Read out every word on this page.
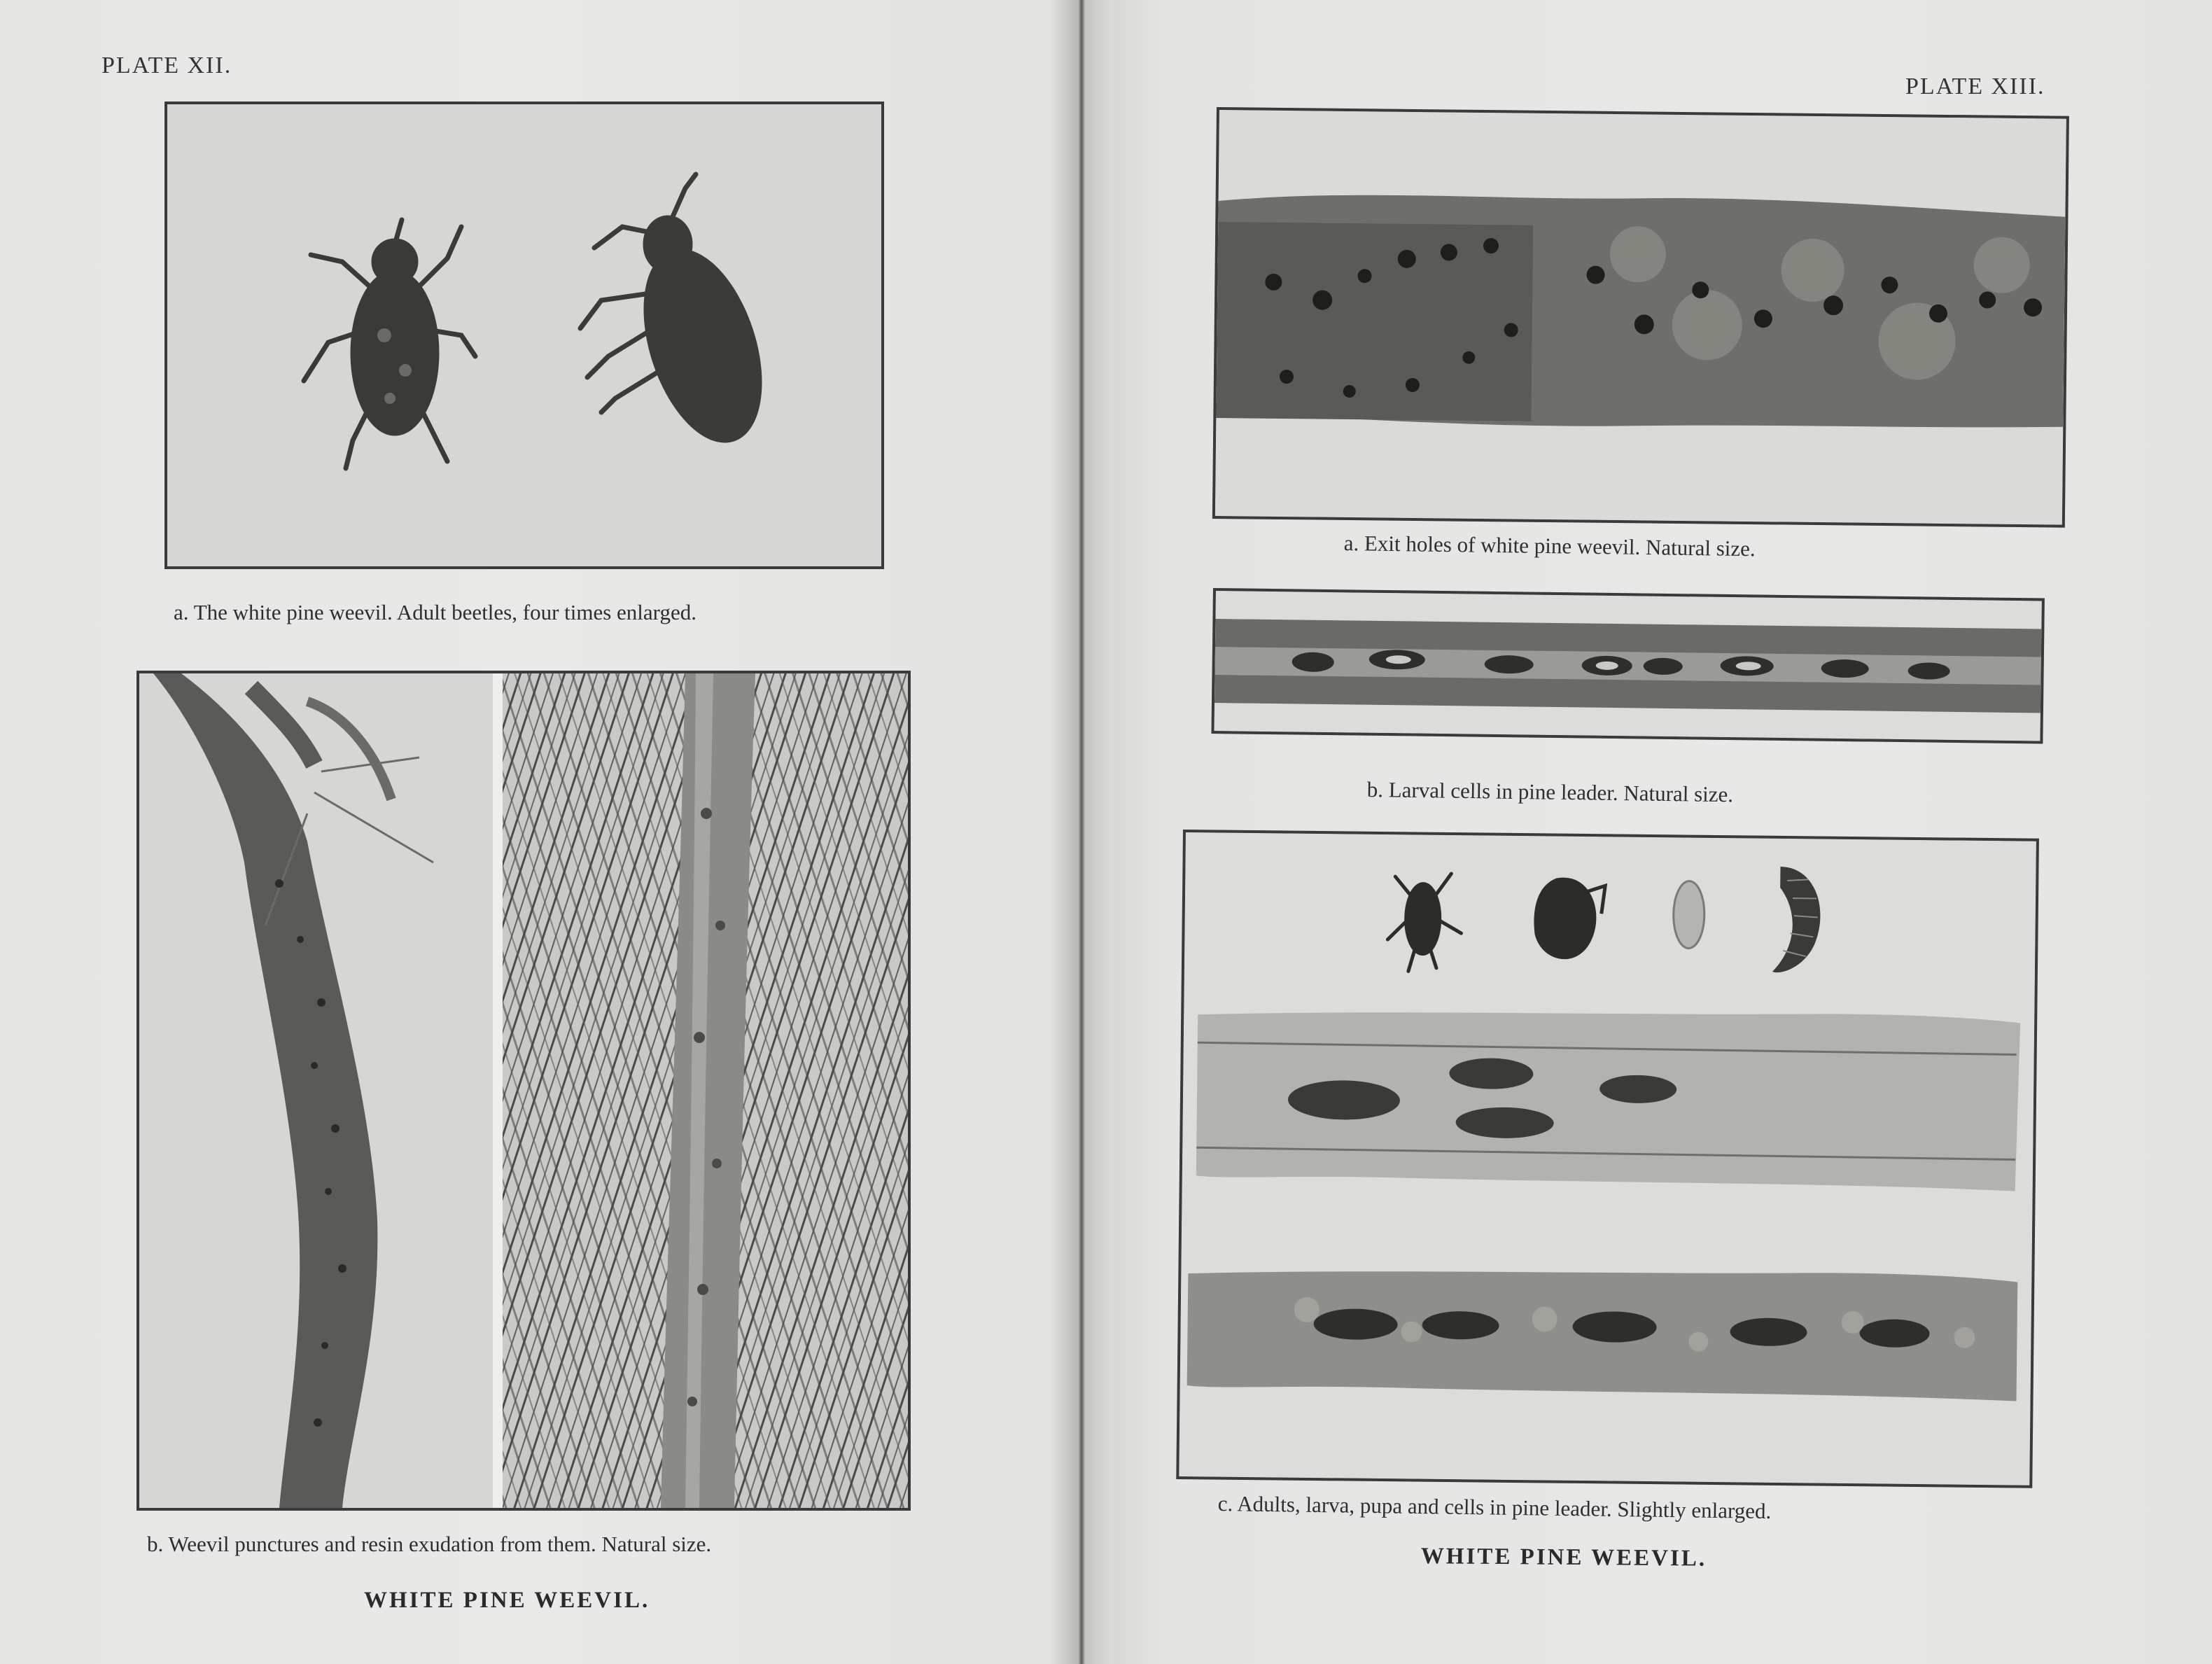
PLATE XII.
a. The white pine weevil. Adult beetles, four times enlarged.
b. Weevil punctures and resin exudation from them. Natural size.
WHITE PINE WEEVIL.
PLATE XIII.
a. Exit holes of white pine weevil. Natural size.
b. Larval cells in pine leader. Natural size.
c. Adults, larva, pupa and cells in pine leader. Slightly enlarged.
WHITE PINE WEEVIL.
